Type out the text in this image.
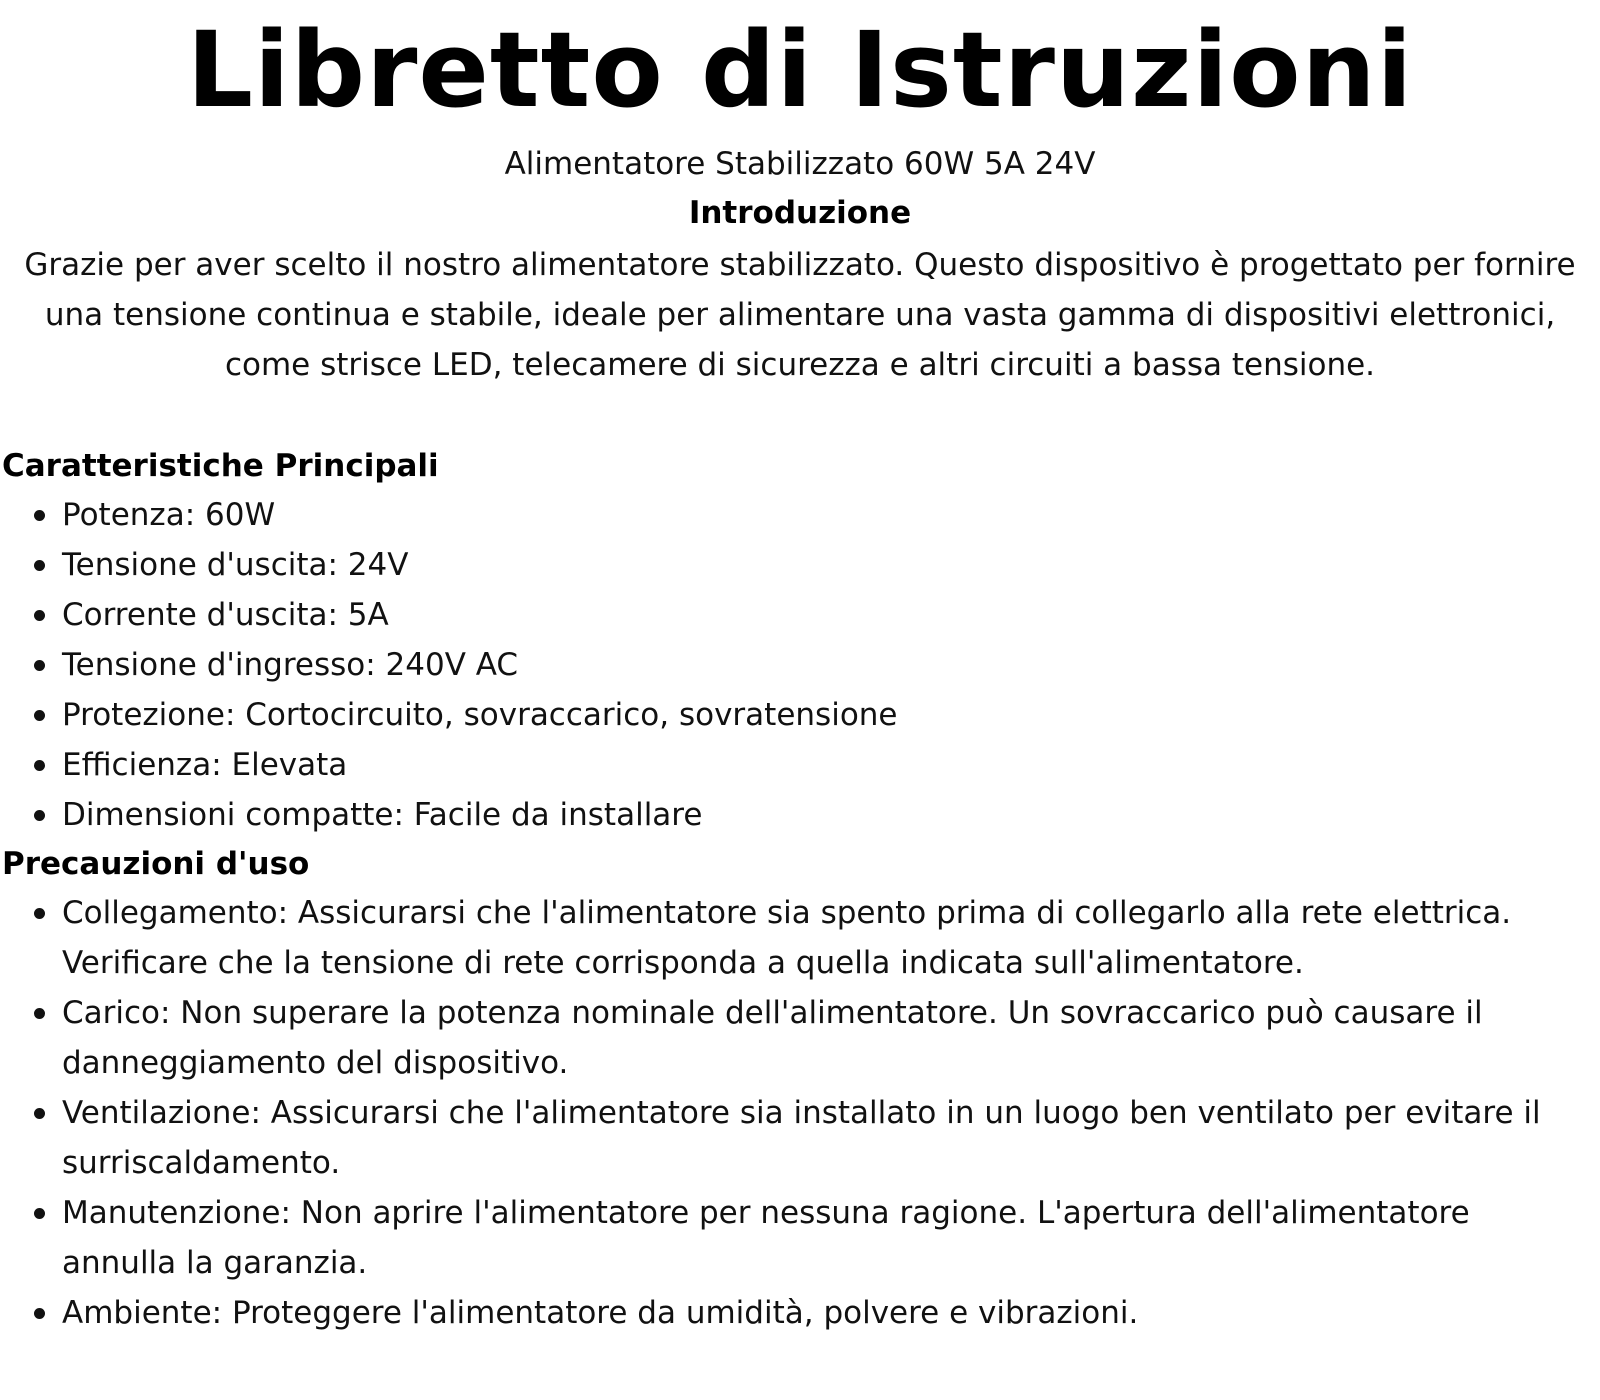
Libretto di Istruzioni
Alimentatore Stabilizzato 60W 5A 24V
Introduzione

Grazie per aver scelto il nostro alimentatore stabilizzato. Questo dispositivo è progettato per fornire una tensione continua e stabile, ideale per alimentare una vasta gamma di dispositivi elettronici, come strisce LED, telecamere di sicurezza e altri circuiti a bassa tensione.

Caratteristiche Principali
Potenza: 60W
Tensione d'uscita: 24V
Corrente d'uscita: 5A
Tensione d'ingresso: 240V AC
Protezione: Cortocircuito, sovraccarico, sovratensione
Efficienza: Elevata
Dimensioni compatte: Facile da installare
Precauzioni d'uso
Collegamento: Assicurarsi che l'alimentatore sia spento prima di collegarlo alla rete elettrica. Verificare che la tensione di rete corrisponda a quella indicata sull'alimentatore.
Carico: Non superare la potenza nominale dell'alimentatore. Un sovraccarico può causare il danneggiamento del dispositivo.
Ventilazione: Assicurarsi che l'alimentatore sia installato in un luogo ben ventilato per evitare il surriscaldamento.
Manutenzione: Non aprire l'alimentatore per nessuna ragione. L'apertura dell'alimentatore annulla la garanzia.
Ambiente: Proteggere l'alimentatore da umidità, polvere e vibrazioni.
